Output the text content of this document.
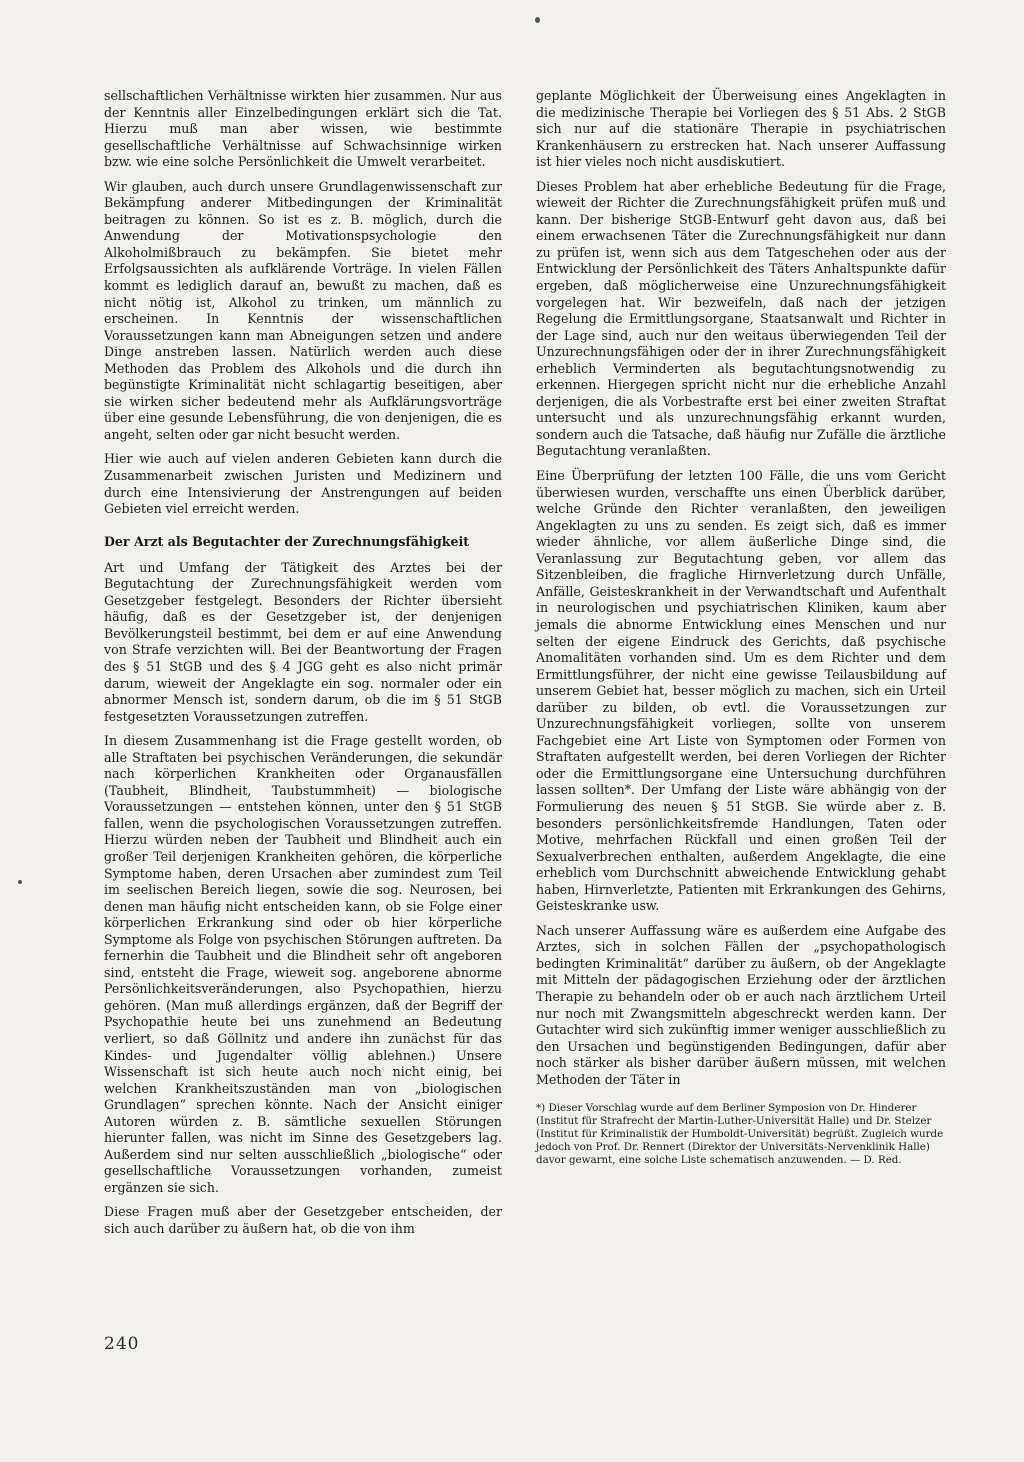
sellschaftlichen Verhältnisse wirkten hier zusammen. Nur aus der Kenntnis aller Einzelbedingungen erklärt sich die Tat. Hierzu muß man aber wissen, wie bestimmte gesellschaftliche Verhältnisse auf Schwachsinnige wirken bzw. wie eine solche Persönlichkeit die Umwelt verarbeitet.

Wir glauben, auch durch unsere Grundlagenwissenschaft zur Bekämpfung anderer Mitbedingungen der Kriminalität beitragen zu können. So ist es z. B. möglich, durch die Anwendung der Motivationspsychologie den Alkoholmißbrauch zu bekämpfen. Sie bietet mehr Erfolgsaussichten als aufklärende Vorträge. In vielen Fällen kommt es lediglich darauf an, bewußt zu machen, daß es nicht nötig ist, Alkohol zu trinken, um männlich zu erscheinen. In Kenntnis der wissenschaftlichen Voraussetzungen kann man Abneigungen setzen und andere Dinge anstreben lassen. Natürlich werden auch diese Methoden das Problem des Alkohols und die durch ihn begünstigte Kriminalität nicht schlagartig beseitigen, aber sie wirken sicher bedeutend mehr als Aufklärungsvorträge über eine gesunde Lebensführung, die von denjenigen, die es angeht, selten oder gar nicht besucht werden.

Hier wie auch auf vielen anderen Gebieten kann durch die Zusammenarbeit zwischen Juristen und Medizinern und durch eine Intensivierung der Anstrengungen auf beiden Gebieten viel erreicht werden.

Der Arzt als Begutachter der Zurechnungsfähigkeit

Art und Umfang der Tätigkeit des Arztes bei der Begutachtung der Zurechnungsfähigkeit werden vom Gesetzgeber festgelegt. Besonders der Richter übersieht häufig, daß es der Gesetzgeber ist, der denjenigen Bevölkerungsteil bestimmt, bei dem er auf eine Anwendung von Strafe verzichten will. Bei der Beantwortung der Fragen des § 51 StGB und des § 4 JGG geht es also nicht primär darum, wieweit der Angeklagte ein sog. normaler oder ein abnormer Mensch ist, sondern darum, ob die im § 51 StGB festgesetzten Voraussetzungen zutreffen.

In diesem Zusammenhang ist die Frage gestellt worden, ob alle Straftaten bei psychischen Veränderungen, die sekundär nach körperlichen Krankheiten oder Organausfällen (Taubheit, Blindheit, Taubstummheit) — biologische Voraussetzungen — entstehen können, unter den § 51 StGB fallen, wenn die psychologischen Voraussetzungen zutreffen. Hierzu würden neben der Taubheit und Blindheit auch ein großer Teil derjenigen Krankheiten gehören, die körperliche Symptome haben, deren Ursachen aber zumindest zum Teil im seelischen Bereich liegen, sowie die sog. Neurosen, bei denen man häufig nicht entscheiden kann, ob sie Folge einer körperlichen Erkrankung sind oder ob hier körperliche Symptome als Folge von psychischen Störungen auftreten. Da fernerhin die Taubheit und die Blindheit sehr oft angeboren sind, entsteht die Frage, wieweit sog. angeborene abnorme Persönlichkeitsveränderungen, also Psychopathien, hierzu gehören. (Man muß allerdings ergänzen, daß der Begriff der Psychopathie heute bei uns zunehmend an Bedeutung verliert, so daß Göllnitz und andere ihn zunächst für das Kindes- und Jugendalter völlig ablehnen.) Unsere Wissenschaft ist sich heute auch noch nicht einig, bei welchen Krankheitszuständen man von „biologischen Grundlagen“ sprechen könnte. Nach der Ansicht einiger Autoren würden z. B. sämtliche sexuellen Störungen hierunter fallen, was nicht im Sinne des Gesetzgebers lag. Außerdem sind nur selten ausschließlich „biologische“ oder gesellschaftliche Voraussetzungen vorhanden, zumeist ergänzen sie sich.

Diese Fragen muß aber der Gesetzgeber entscheiden, der sich auch darüber zu äußern hat, ob die von ihm

geplante Möglichkeit der Überweisung eines Angeklagten in die medizinische Therapie bei Vorliegen des § 51 Abs. 2 StGB sich nur auf die stationäre Therapie in psychiatrischen Krankenhäusern zu erstrecken hat. Nach unserer Auffassung ist hier vieles noch nicht ausdiskutiert.

Dieses Problem hat aber erhebliche Bedeutung für die Frage, wieweit der Richter die Zurechnungsfähigkeit prüfen muß und kann. Der bisherige StGB-Entwurf geht davon aus, daß bei einem erwachsenen Täter die Zurechnungsfähigkeit nur dann zu prüfen ist, wenn sich aus dem Tatgeschehen oder aus der Entwicklung der Persönlichkeit des Täters Anhaltspunkte dafür ergeben, daß möglicherweise eine Unzurechnungsfähigkeit vorgelegen hat. Wir bezweifeln, daß nach der jetzigen Regelung die Ermittlungsorgane, Staatsanwalt und Richter in der Lage sind, auch nur den weitaus überwiegenden Teil der Unzurechnungsfähigen oder der in ihrer Zurechnungsfähigkeit erheblich Verminderten als begutachtungsnotwendig zu erkennen. Hiergegen spricht nicht nur die erhebliche Anzahl derjenigen, die als Vorbestrafte erst bei einer zweiten Straftat untersucht und als unzurechnungsfähig erkannt wurden, sondern auch die Tatsache, daß häufig nur Zufälle die ärztliche Begutachtung veranlaßten.

Eine Überprüfung der letzten 100 Fälle, die uns vom Gericht überwiesen wurden, verschaffte uns einen Überblick darüber, welche Gründe den Richter veranlaßten, den jeweiligen Angeklagten zu uns zu senden. Es zeigt sich, daß es immer wieder ähnliche, vor allem äußerliche Dinge sind, die Veranlassung zur Begutachtung geben, vor allem das Sitzenbleiben, die fragliche Hirnverletzung durch Unfälle, Anfälle, Geisteskrankheit in der Verwandtschaft und Aufenthalt in neurologischen und psychiatrischen Kliniken, kaum aber jemals die abnorme Entwicklung eines Menschen und nur selten der eigene Eindruck des Gerichts, daß psychische Anomalitäten vorhanden sind. Um es dem Richter und dem Ermittlungsführer, der nicht eine gewisse Teilausbildung auf unserem Gebiet hat, besser möglich zu machen, sich ein Urteil darüber zu bilden, ob evtl. die Voraussetzungen zur Unzurechnungsfähigkeit vorliegen, sollte von unserem Fachgebiet eine Art Liste von Symptomen oder Formen von Straftaten aufgestellt werden, bei deren Vorliegen der Richter oder die Ermittlungsorgane eine Untersuchung durchführen lassen sollten*. Der Umfang der Liste wäre abhängig von der Formulierung des neuen § 51 StGB. Sie würde aber z. B. besonders persönlichkeitsfremde Handlungen, Taten oder Motive, mehrfachen Rückfall und einen großen Teil der Sexualverbrechen enthalten, außerdem Angeklagte, die eine erheblich vom Durchschnitt abweichende Entwicklung gehabt haben, Hirnverletzte, Patienten mit Erkrankungen des Gehirns, Geisteskranke usw.

Nach unserer Auffassung wäre es außerdem eine Aufgabe des Arztes, sich in solchen Fällen der „psychopathologisch bedingten Kriminalität“ darüber zu äußern, ob der Angeklagte mit Mitteln der pädagogischen Erziehung oder der ärztlichen Therapie zu behandeln oder ob er auch nach ärztlichem Urteil nur noch mit Zwangsmitteln abgeschreckt werden kann. Der Gutachter wird sich zukünftig immer weniger ausschließlich zu den Ursachen und begünstigenden Bedingungen, dafür aber noch stärker als bisher darüber äußern müssen, mit welchen Methoden der Täter in

*) Dieser Vorschlag wurde auf dem Berliner Symposion von Dr. Hinderer (Institut für Strafrecht der Martin-Luther-Universität Halle) und Dr. Stelzer (Institut für Kriminalistik der Humboldt-Universität) begrüßt. Zugleich wurde jedoch von Prof. Dr. Rennert (Direktor der Universitäts-Nervenklinik Halle) davor gewarnt, eine solche Liste schematisch anzuwenden. — D. Red.
240
